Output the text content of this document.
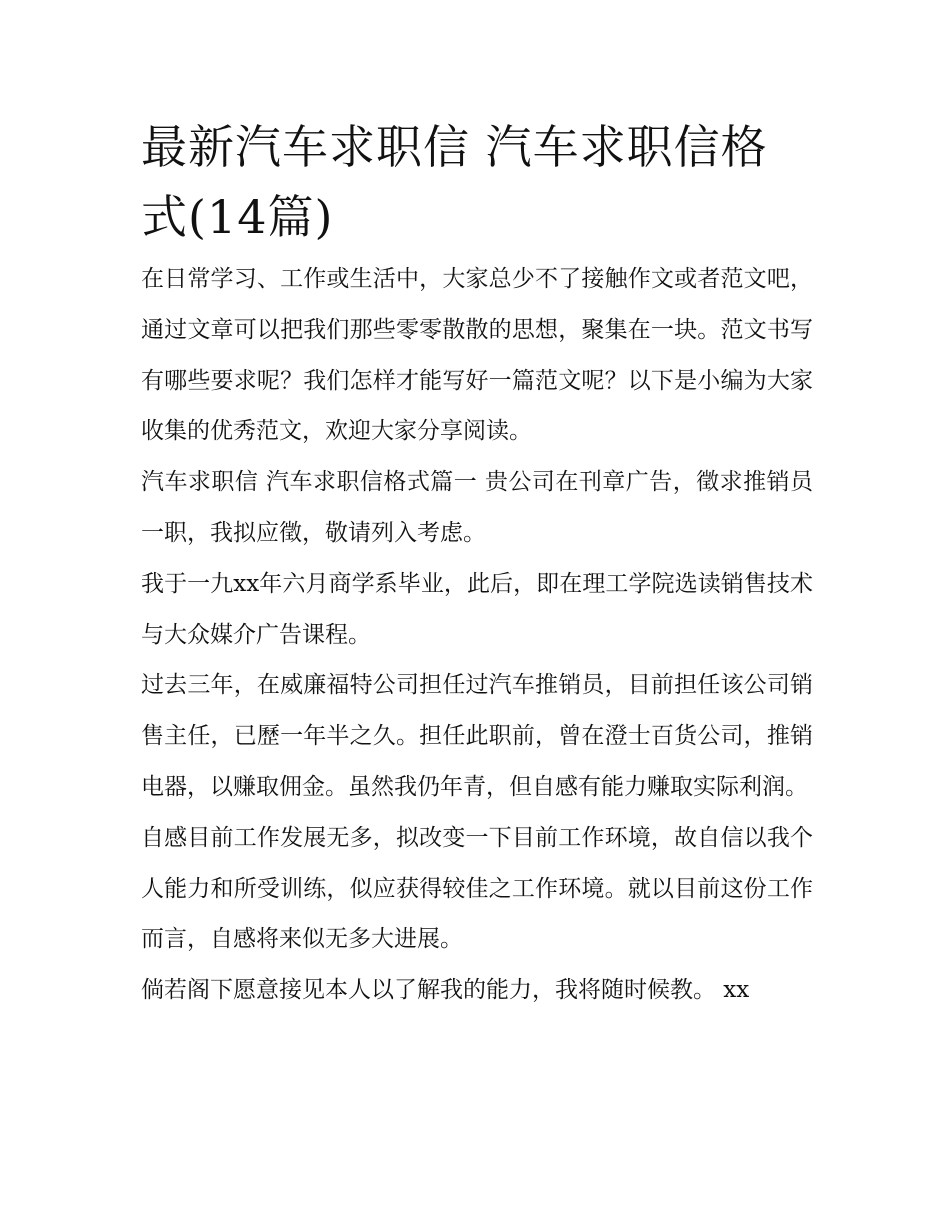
最新汽车求职信 汽车求职信格式(14篇)

在日常学习、工作或生活中，大家总少不了接触作文或者范文吧，通过文章可以把我们那些零零散散的思想，聚集在一块。范文书写有哪些要求呢？我们怎样才能写好一篇范文呢？以下是小编为大家收集的优秀范文，欢迎大家分享阅读。

汽车求职信 汽车求职信格式篇一 贵公司在刊章广告，徵求推销员一职，我拟应徵，敬请列入考虑。

我于一九xx年六月商学系毕业，此后，即在理工学院选读销售技术与大众媒介广告课程。

过去三年，在威廉福特公司担任过汽车推销员，目前担任该公司销售主任，已歷一年半之久。担任此职前，曾在澄士百货公司，推销电器，以赚取佣金。虽然我仍年青，但自感有能力赚取实际利润。

自感目前工作发展无多，拟改变一下目前工作环境，故自信以我个人能力和所受训练，似应获得较佳之工作环境。就以目前这份工作而言，自感将来似无多大进展。

倘若阁下愿意接见本人以了解我的能力，我将随时候教。 xx
